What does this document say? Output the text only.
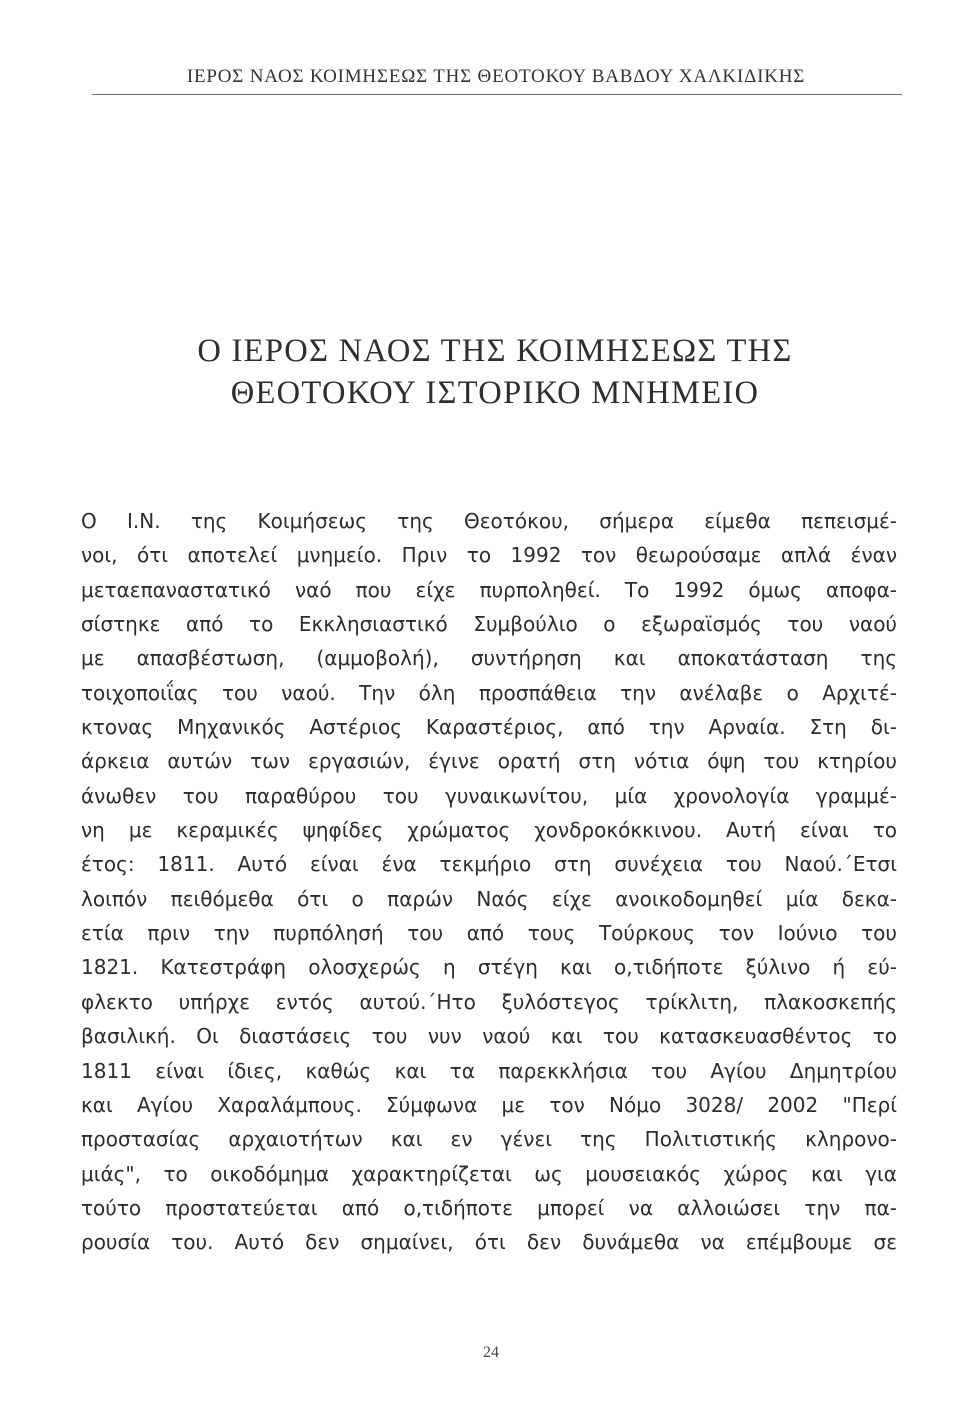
ΙΕΡΟΣ ΝΑΟΣ ΚΟΙΜΗΣΕΩΣ ΤΗΣ ΘΕΟΤΟΚΟΥ ΒΑΒΔΟΥ ΧΑΛΚΙΔΙΚΗΣ
Ο ΙΕΡΟΣ ΝΑΟΣ ΤΗΣ ΚΟΙΜΗΣΕΩΣ ΤΗΣ
ΘΕΟΤΟΚΟΥ ΙΣΤΟΡΙΚΟ ΜΝΗΜΕΙΟ
Ο Ι.Ν. της Κοιμήσεως της Θεοτόκου, σήμερα είμεθα πεπεισμέ-
νοι, ότι αποτελεί μνημείο. Πριν το 1992 τον θεωρούσαμε απλά έναν
μεταεπαναστατικό ναό που είχε πυρποληθεί. Το 1992 όμως αποφα-
σίστηκε από το Εκκλησιαστικό Συμβούλιο ο εξωραϊσμός του ναού
με απασβέστωση, (αμμοβολή), συντήρηση και αποκατάσταση της
τοιχοποιΐας του ναού. Την όλη προσπάθεια την ανέλαβε ο Αρχιτέ-
κτονας Μηχανικός Αστέριος Καραστέριος, από την Αρναία. Στη δι-
άρκεια αυτών των εργασιών, έγινε ορατή στη νότια όψη του κτηρίου
άνωθεν του παραθύρου του γυναικωνίτου, μία χρονολογία γραμμέ-
νη με κεραμικές ψηφίδες χρώματος χονδροκόκκινου. Αυτή είναι το
έτος: 1811. Αυτό είναι ένα τεκμήριο στη συνέχεια του Ναού.΄Ετσι
λοιπόν πειθόμεθα ότι ο παρών Ναός είχε ανοικοδομηθεί μία δεκα-
ετία πριν την πυρπόλησή του από τους Τούρκους τον Ιούνιο του
1821. Κατεστράφη ολοσχερώς η στέγη και ο,τιδήποτε ξύλινο ή εύ-
φλεκτο υπήρχε εντός αυτού.΄Ητο ξυλόστεγος τρίκλιτη, πλακοσκεπής
βασιλική. Οι διαστάσεις του νυν ναού και του κατασκευασθέντος το
1811 είναι ίδιες, καθώς και τα παρεκκλήσια του Αγίου Δημητρίου
και Αγίου Χαραλάμπους. Σύμφωνα με τον Νόμο 3028/ 2002 "Περί
προστασίας αρχαιοτήτων και εν γένει της Πολιτιστικής κληρονο-
μιάς", το οικοδόμημα χαρακτηρίζεται ως μουσειακός χώρος και για
τούτο προστατεύεται από ο,τιδήποτε μπορεί να αλλοιώσει την πα-
ρουσία του. Αυτό δεν σημαίνει, ότι δεν δυνάμεθα να επέμβουμε σε
24
